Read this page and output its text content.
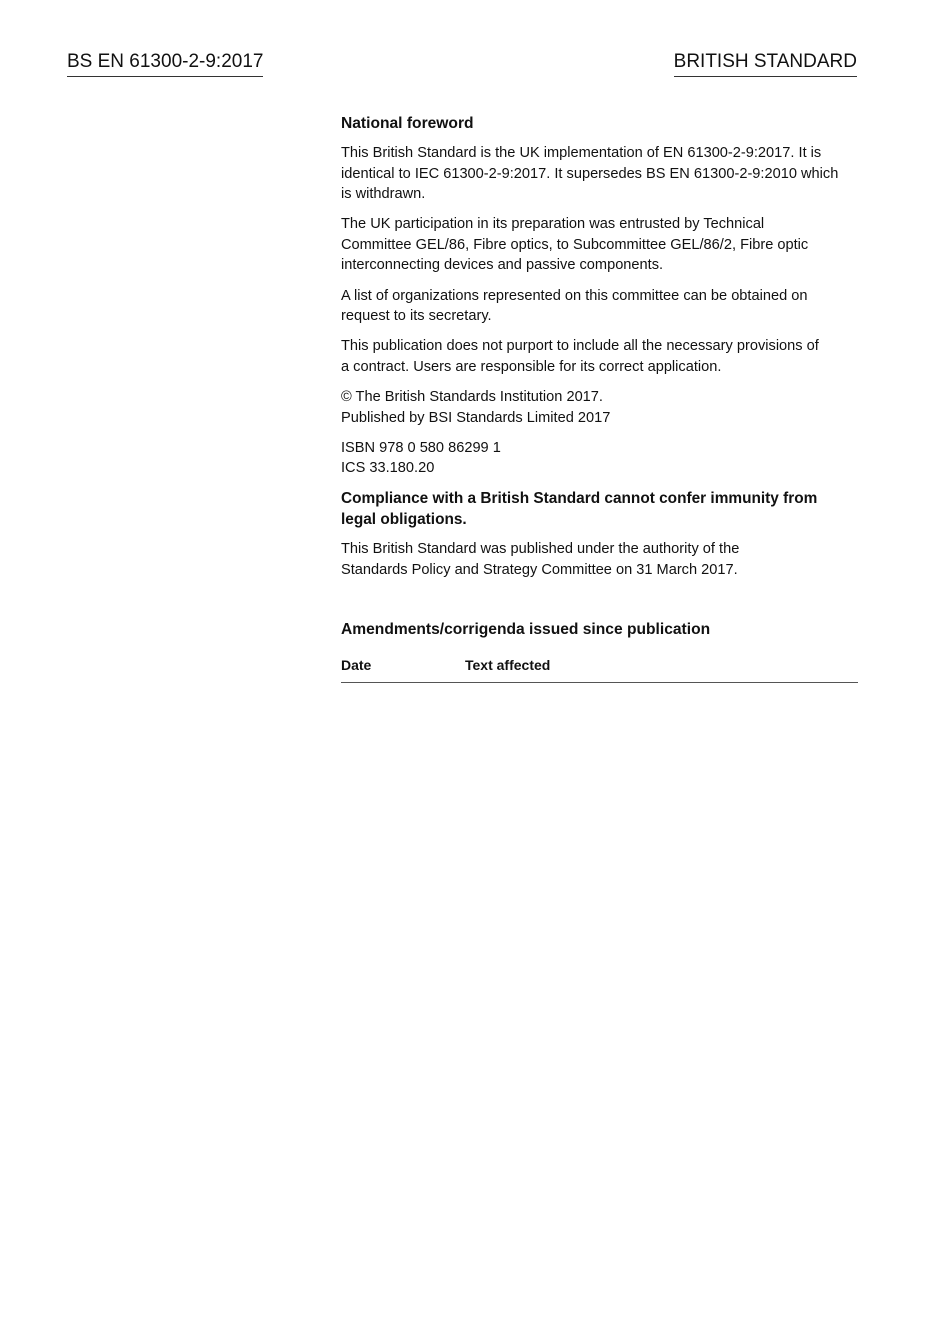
BS EN 61300-2-9:2017	BRITISH STANDARD
National foreword
This British Standard is the UK implementation of EN 61300-2-9:2017. It is
identical to IEC 61300-2-9:2017. It supersedes BS EN 61300-2-9:2010 which
is withdrawn.
The UK participation in its preparation was entrusted by Technical
Committee GEL/86, Fibre optics, to Subcommittee GEL/86/2, Fibre optic
interconnecting devices and passive components.
A list of organizations represented on this committee can be obtained on
request to its secretary.
This publication does not purport to include all the necessary provisions of
a contract. Users are responsible for its correct application.
© The British Standards Institution 2017.
Published by BSI Standards Limited 2017
ISBN 978 0 580 86299 1
ICS 33.180.20
Compliance with a British Standard cannot confer immunity from
legal obligations.
This British Standard was published under the authority of the
Standards Policy and Strategy Committee on 31 March 2017.
Amendments/corrigenda issued since publication
Date	Text affected
